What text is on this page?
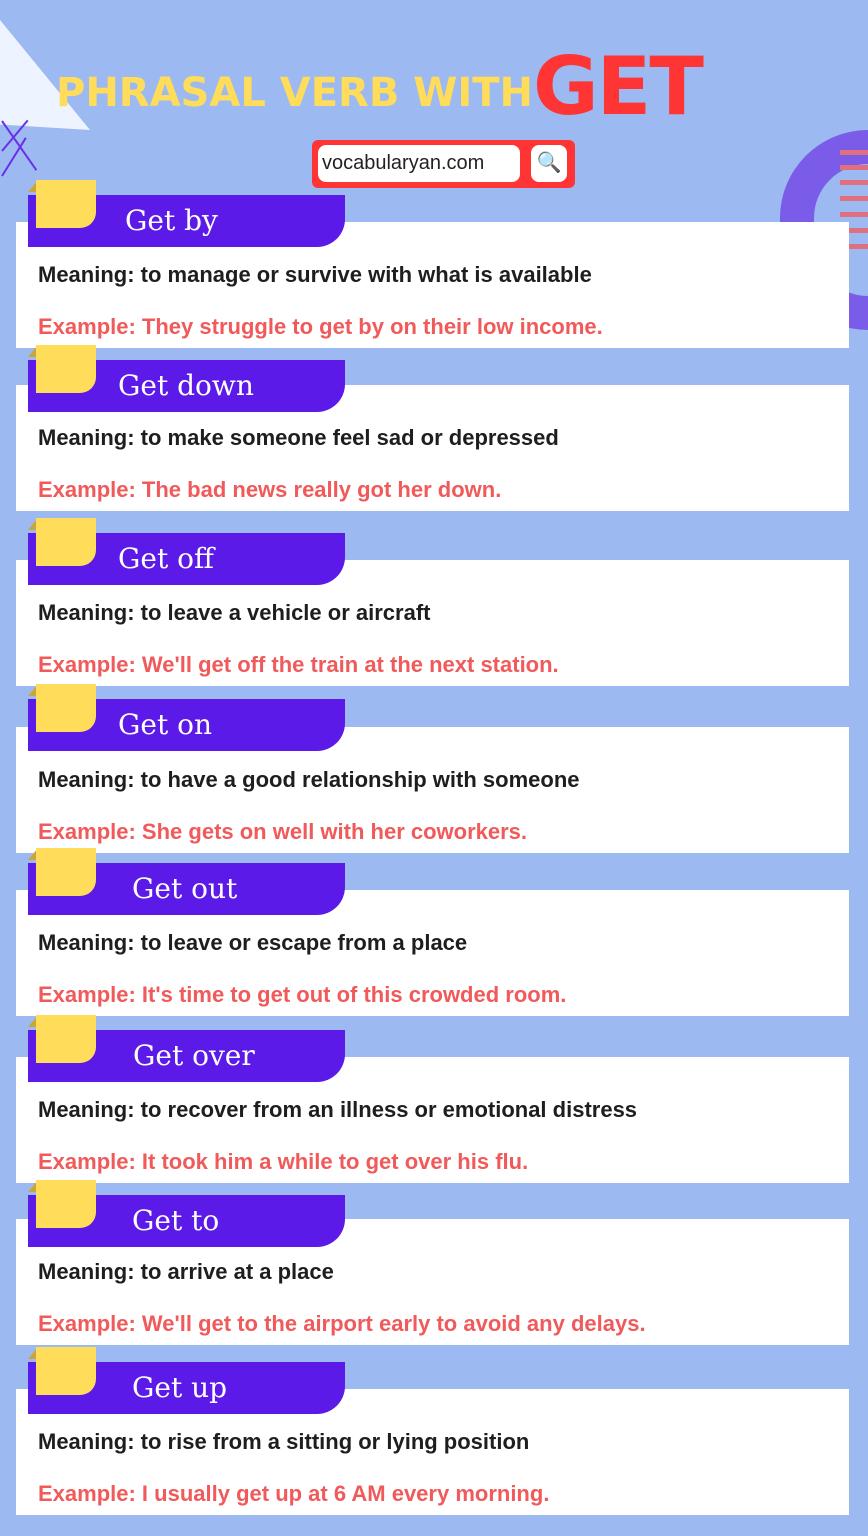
PHRASAL VERB WITHGET
vocabularyan.com	🔍
Meaning: to manage or survive with what is available
Example: They struggle to get by on their low income.
Get by
Meaning: to make someone feel sad or depressed
Example: The bad news really got her down.
Get down
Meaning: to leave a vehicle or aircraft
Example: We'll get off the train at the next station.
Get off
Meaning: to have a good relationship with someone
Example: She gets on well with her coworkers.
Get on
Meaning: to leave or escape from a place
Example: It's time to get out of this crowded room.
Get out
Meaning: to recover from an illness or emotional distress
Example: It took him a while to get over his flu.
Get over
Meaning: to arrive at a place
Example: We'll get to the airport early to avoid any delays.
Get to
Meaning: to rise from a sitting or lying position
Example: I usually get up at 6 AM every morning.
Get up
